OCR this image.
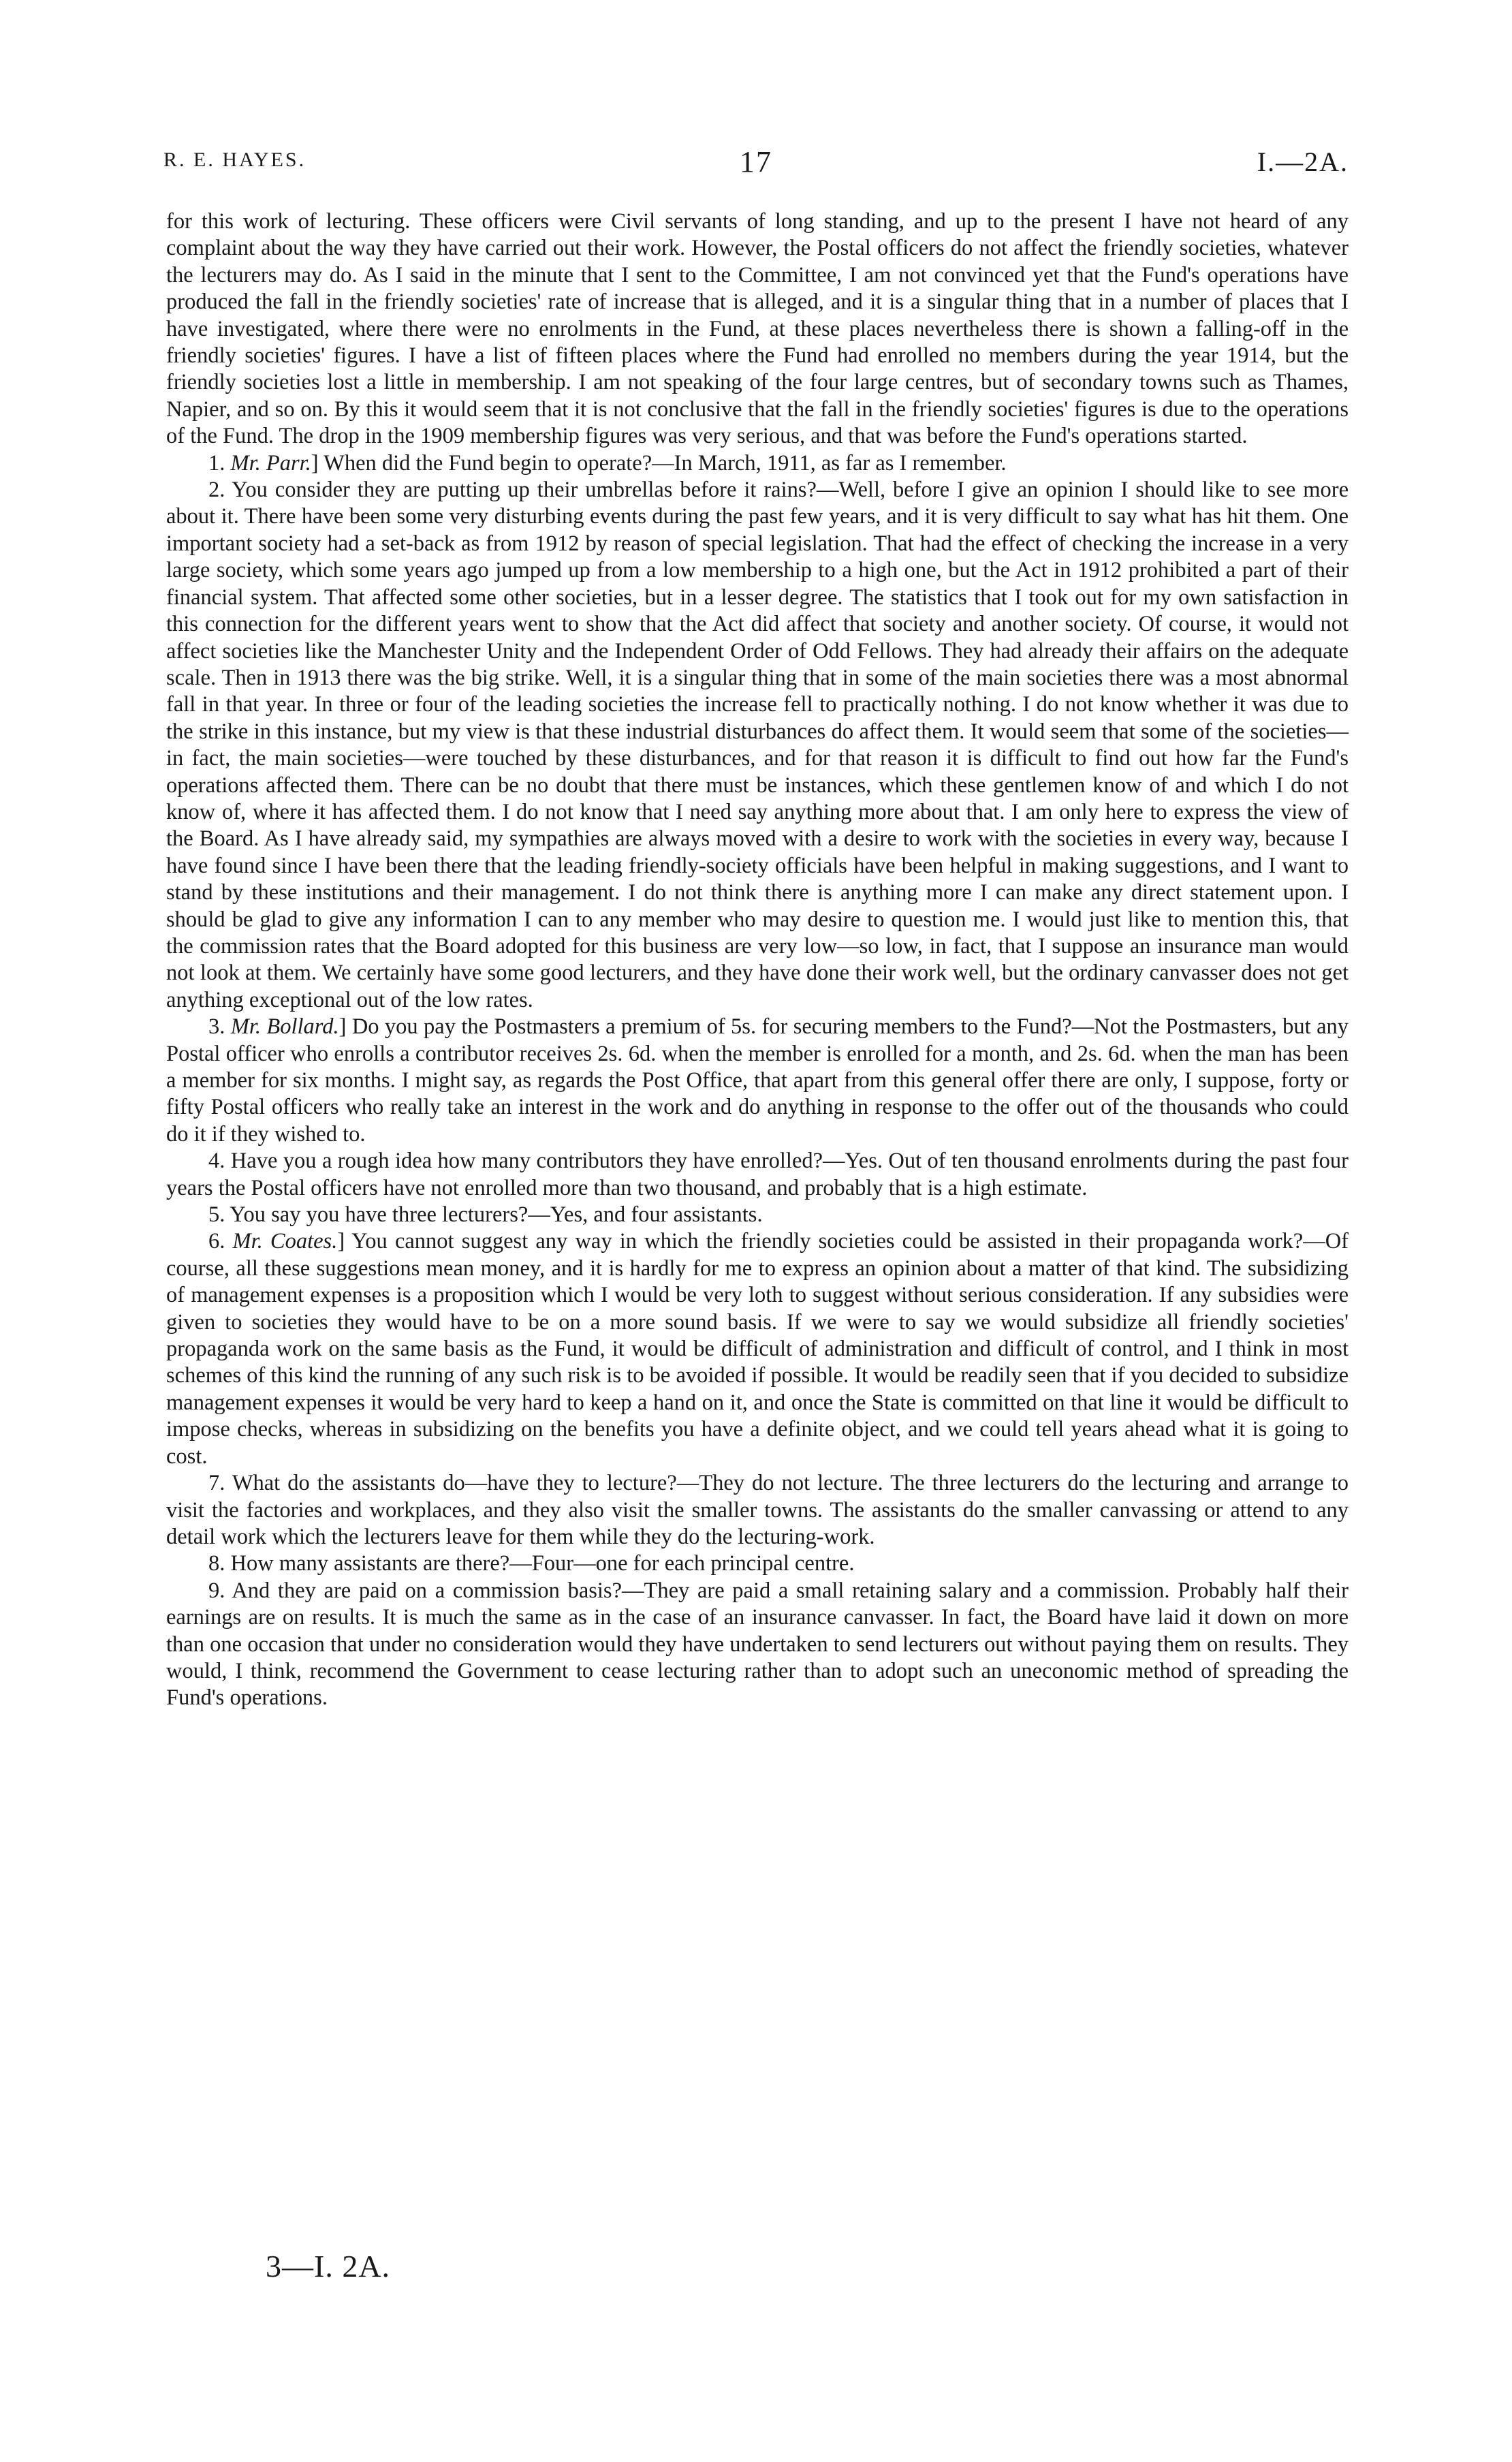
R. E. HAYES.	17	I.—2A.

for this work of lecturing. These officers were Civil servants of long standing, and up to the present I have not heard of any complaint about the way they have carried out their work. However, the Postal officers do not affect the friendly societies, whatever the lecturers may do. As I said in the minute that I sent to the Committee, I am not convinced yet that the Fund's operations have produced the fall in the friendly societies' rate of increase that is alleged, and it is a singular thing that in a number of places that I have investigated, where there were no enrolments in the Fund, at these places nevertheless there is shown a falling-off in the friendly societies' figures. I have a list of fifteen places where the Fund had enrolled no members during the year 1914, but the friendly societies lost a little in membership. I am not speaking of the four large centres, but of secondary towns such as Thames, Napier, and so on. By this it would seem that it is not conclusive that the fall in the friendly societies' figures is due to the operations of the Fund. The drop in the 1909 membership figures was very serious, and that was before the Fund's operations started.

1. Mr. Parr.] When did the Fund begin to operate?—In March, 1911, as far as I remember.

2. You consider they are putting up their umbrellas before it rains?—Well, before I give an opinion I should like to see more about it. There have been some very disturbing events during the past few years, and it is very difficult to say what has hit them. One important society had a set-back as from 1912 by reason of special legislation. That had the effect of checking the increase in a very large society, which some years ago jumped up from a low membership to a high one, but the Act in 1912 prohibited a part of their financial system. That affected some other societies, but in a lesser degree. The statistics that I took out for my own satisfaction in this connection for the different years went to show that the Act did affect that society and another society. Of course, it would not affect societies like the Manchester Unity and the Independent Order of Odd Fellows. They had already their affairs on the adequate scale. Then in 1913 there was the big strike. Well, it is a singular thing that in some of the main societies there was a most abnormal fall in that year. In three or four of the leading societies the increase fell to practically nothing. I do not know whether it was due to the strike in this instance, but my view is that these industrial disturbances do affect them. It would seem that some of the societies—in fact, the main societies—were touched by these disturbances, and for that reason it is difficult to find out how far the Fund's operations affected them. There can be no doubt that there must be instances, which these gentlemen know of and which I do not know of, where it has affected them. I do not know that I need say anything more about that. I am only here to express the view of the Board. As I have already said, my sympathies are always moved with a desire to work with the societies in every way, because I have found since I have been there that the leading friendly-society officials have been helpful in making suggestions, and I want to stand by these institutions and their management. I do not think there is anything more I can make any direct statement upon. I should be glad to give any information I can to any member who may desire to question me. I would just like to mention this, that the commission rates that the Board adopted for this business are very low—so low, in fact, that I suppose an insurance man would not look at them. We certainly have some good lecturers, and they have done their work well, but the ordinary canvasser does not get anything exceptional out of the low rates.

3. Mr. Bollard.] Do you pay the Postmasters a premium of 5s. for securing members to the Fund?—Not the Postmasters, but any Postal officer who enrolls a contributor receives 2s. 6d. when the member is enrolled for a month, and 2s. 6d. when the man has been a member for six months. I might say, as regards the Post Office, that apart from this general offer there are only, I suppose, forty or fifty Postal officers who really take an interest in the work and do anything in response to the offer out of the thousands who could do it if they wished to.

4. Have you a rough idea how many contributors they have enrolled?—Yes. Out of ten thousand enrolments during the past four years the Postal officers have not enrolled more than two thousand, and probably that is a high estimate.

5. You say you have three lecturers?—Yes, and four assistants.

6. Mr. Coates.] You cannot suggest any way in which the friendly societies could be assisted in their propaganda work?—Of course, all these suggestions mean money, and it is hardly for me to express an opinion about a matter of that kind. The subsidizing of management expenses is a proposition which I would be very loth to suggest without serious consideration. If any subsidies were given to societies they would have to be on a more sound basis. If we were to say we would subsidize all friendly societies' propaganda work on the same basis as the Fund, it would be difficult of administration and difficult of control, and I think in most schemes of this kind the running of any such risk is to be avoided if possible. It would be readily seen that if you decided to subsidize management expenses it would be very hard to keep a hand on it, and once the State is committed on that line it would be difficult to impose checks, whereas in subsidizing on the benefits you have a definite object, and we could tell years ahead what it is going to cost.

7. What do the assistants do—have they to lecture?—They do not lecture. The three lecturers do the lecturing and arrange to visit the factories and workplaces, and they also visit the smaller towns. The assistants do the smaller canvassing or attend to any detail work which the lecturers leave for them while they do the lecturing-work.

8. How many assistants are there?—Four—one for each principal centre.

9. And they are paid on a commission basis?—They are paid a small retaining salary and a commission. Probably half their earnings are on results. It is much the same as in the case of an insurance canvasser. In fact, the Board have laid it down on more than one occasion that under no consideration would they have undertaken to send lecturers out without paying them on results. They would, I think, recommend the Government to cease lecturing rather than to adopt such an uneconomic method of spreading the Fund's operations.

3—I. 2A.
